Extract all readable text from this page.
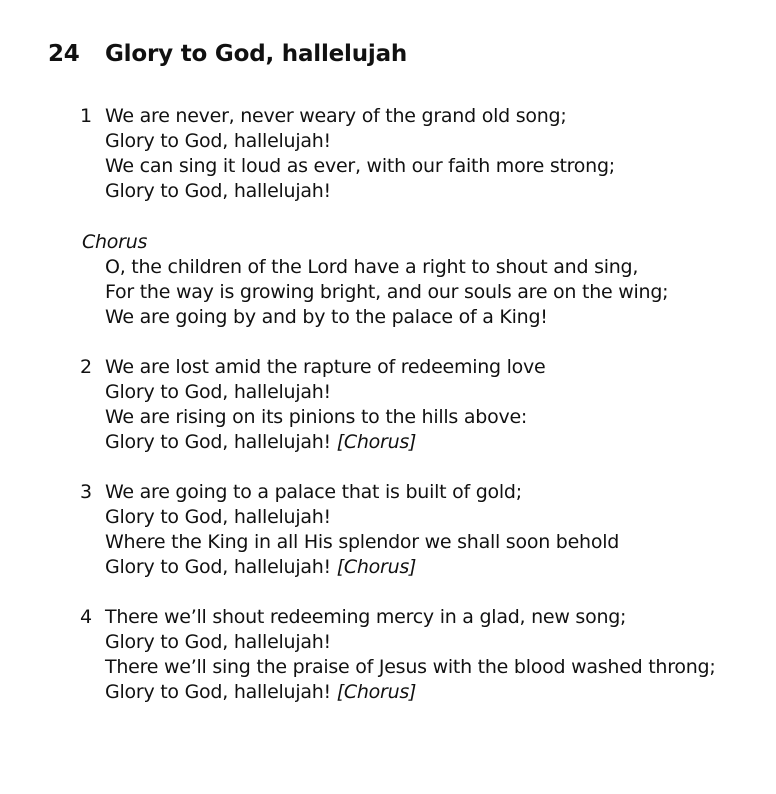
24 Glory to God, hallelujah
1 We are never, never weary of the grand old song;
Glory to God, hallelujah!
We can sing it loud as ever, with our faith more strong;
Glory to God, hallelujah!
Chorus
O, the children of the Lord have a right to shout and sing,
For the way is growing bright, and our souls are on the wing;
We are going by and by to the palace of a King!
2 We are lost amid the rapture of redeeming love
Glory to God, hallelujah!
We are rising on its pinions to the hills above:
Glory to God, hallelujah! [Chorus]
3 We are going to a palace that is built of gold;
Glory to God, hallelujah!
Where the King in all His splendor we shall soon behold
Glory to God, hallelujah! [Chorus]
4 There we’ll shout redeeming mercy in a glad, new song;
Glory to God, hallelujah!
There we’ll sing the praise of Jesus with the blood washed throng;
Glory to God, hallelujah! [Chorus]
